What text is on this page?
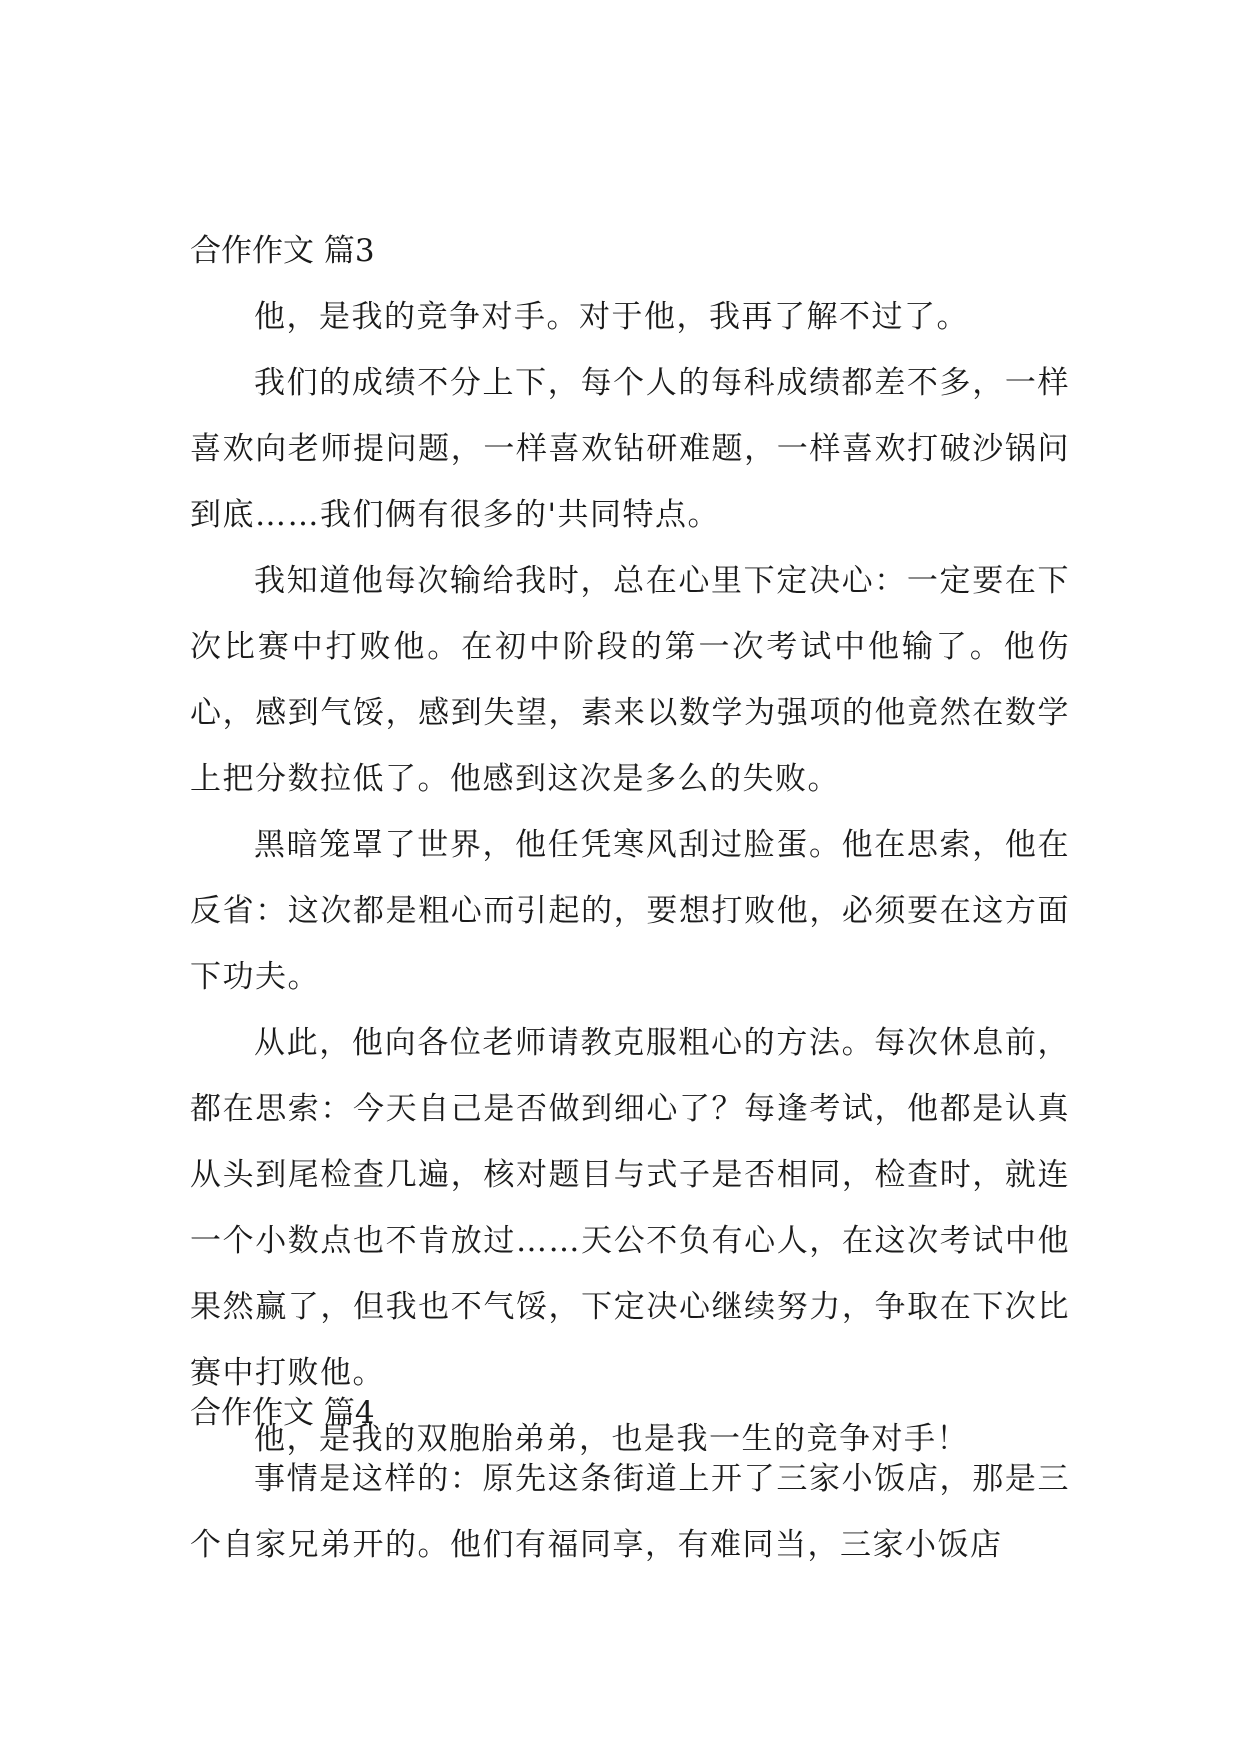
合作作文 篇3

他，是我的竞争对手。对于他，我再了解不过了。

我们的成绩不分上下，每个人的每科成绩都差不多，一样喜欢向老师提问题，一样喜欢钻研难题，一样喜欢打破沙锅问到底……我们俩有很多的'共同特点。

我知道他每次输给我时，总在心里下定决心：一定要在下次比赛中打败他。在初中阶段的第一次考试中他输了。他伤心，感到气馁，感到失望，素来以数学为强项的他竟然在数学上把分数拉低了。他感到这次是多么的失败。

黑暗笼罩了世界，他任凭寒风刮过脸蛋。他在思索，他在反省：这次都是粗心而引起的，要想打败他，必须要在这方面下功夫。

从此，他向各位老师请教克服粗心的方法。每次休息前，都在思索：今天自己是否做到细心了？每逢考试，他都是认真从头到尾检查几遍，核对题目与式子是否相同，检查时，就连一个小数点也不肯放过……天公不负有心人，在这次考试中他果然赢了，但我也不气馁，下定决心继续努力，争取在下次比赛中打败他。

他，是我的双胞胎弟弟，也是我一生的竞争对手！

合作作文 篇4

事情是这样的：原先这条街道上开了三家小饭店，那是三个自家兄弟开的。他们有福同享，有难同当，三家小饭店
